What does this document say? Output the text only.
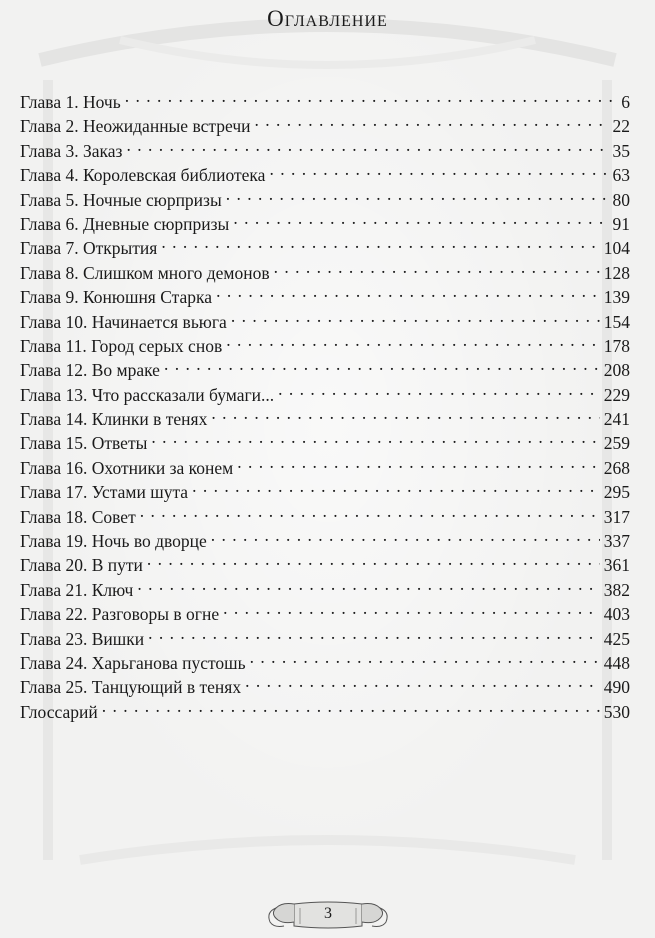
Оглавление
Глава 1. Ночь . . .	6
Глава 2. Неожиданные встречи . . .	22
Глава 3. Заказ . . .	35
Глава 4. Королевская библиотека . . .	63
Глава 5. Ночные сюрпризы . . .	80
Глава 6. Дневные сюрпризы . . .	91
Глава 7. Открытия . . .	104
Глава 8. Слишком много демонов . . .	128
Глава 9. Конюшня Старка . . .	139
Глава 10. Начинается вьюга . . .	154
Глава 11. Город серых снов . . .	178
Глава 12. Во мраке . . .	208
Глава 13. Что рассказали бумаги... . . .	229
Глава 14. Клинки в тенях . . .	241
Глава 15. Ответы . . .	259
Глава 16. Охотники за конем . . .	268
Глава 17. Устами шута . . .	295
Глава 18. Совет . . .	317
Глава 19. Ночь во дворце . . .	337
Глава 20. В пути . . .	361
Глава 21. Ключ . . .	382
Глава 22. Разговоры в огне . . .	403
Глава 23. Вишки . . .	425
Глава 24. Харьганова пустошь . . .	448
Глава 25. Танцующий в тенях . . .	490
Глоссарий . . .	530
3
